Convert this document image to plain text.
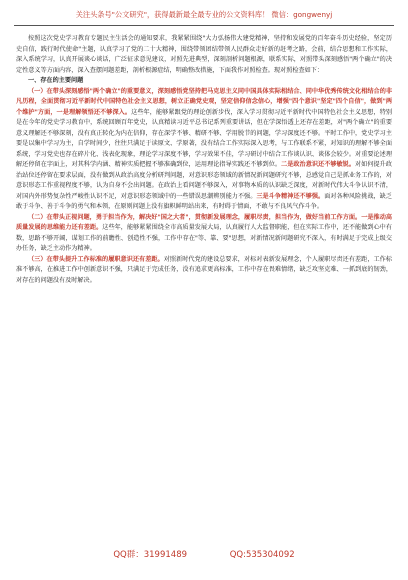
关注头条号"公文研究"，获得最新最全最专业的公文资料库！ 微信：gongwenyj

按照这次党史学习教育专题民主生活会的通知要求，我紧紧围绕"大力弘扬伟大建党精神，坚持和发展党的百年奋斗历史经验，坚定历史自信，践行时代使命"主题，认真学习了党的二十大精神，围绕带领团结带领人民群众走好新的赶考之路，会前，结合思想和工作实际，深入系统学习，认真开展谈心谈话，广泛征求意见建议，对照先进典型，深刻剖析问题根源，联系实际，对照带头深刻感悟"两个确立"的决定性意义等方面内容，深入查摆问题差距，剖析根源症结，明确整改措施，下面我作对照检查。现对照检查如下：

一、存在的主要问题

（一）在带头深刻感悟"两个确立"的重要意义，深刻感悟党坚持把马克思主义同中国具体实际相结合、同中华优秀传统文化相结合的非凡历程，全面贯彻习近平新时代中国特色社会主义思想，树立正确党史观，坚定信仰信念信心，增强"四个意识"坚定"四个自信"，做到"两个维护"方面，一是理解领悟还不够深入。这些年，能够紧跟党的理论创新步伐，深入学习贯彻习近平新时代中国特色社会主义思想，特别是在今年的党史学习教育中，系统回顾百年党史，认真精读习近平总书记系列重要讲话，但在学深悟透上还存在差距，对"两个确立"的重要意义理解还不够深刻，没有真正转化为内在信仰，存在深学不够、精研不够、学用脱节的问题，学习深度还不够。平时工作中，党史学习主要是以集中学习为主，自学时间少，往往只满足于读原文、学原著，没有结合工作实际深入思考，与工作联系不紧，对知识的理解不够全面系统，学习党史也存在碎片化、浅表化现象，理论学习深度不够，学习效果不佳，学习研讨中结合工作谈认识、谈体会较少。对重要论述理解还停留在字面上，对其科学内涵、精神实质把握不够准确到位，运用理论指导实践还不够到位。二是政治意识还不够敏锐。对如何提升政治站位还停留在要求层面，没有做到从政治高度分析研判问题，对意识形态领域的新情况新问题研究不够，总感觉自己是抓业务工作的，对意识形态工作重视程度不够，认为自身不会出问题。在政治上看问题不够深入，对事物本质的认识缺乏深度，对新时代伟大斗争认识不清，对国内外形势复杂性严峻性认识不足，对意识形态领域中的一些错误思潮辨别能力不强。三是斗争精神还不够强。面对各种风险挑战，缺乏敢于斗争、善于斗争的勇气和本领，在原则问题上没有旗帜鲜明站出来，有时碍于情面，不敢与不良风气作斗争。

（二）在带头正视问题，勇于担当作为，解决好"国之大者"，贯彻新发展理念，履职尽责，担当作为，做好当前工作方面。一是推动高质量发展的思维能力还有差距。这些年，能够紧紧围绕全市高质量发展大局，认真履行人大监督职能，但在实际工作中，还不能做到心中有数，思路不够开阔，谋划工作的前瞻性、创造性不强，工作中存在"等、靠、要"思想，对新情况新问题研究不深入，有时满足于完成上级交办任务，缺乏主动作为精神。

（三）在带头提升工作标准的履职意识还有差距。对照新时代党的建设总要求，对标对表新发展理念，个人履职尽责还有差距，工作标准不够高，在推进工作中创新意识不强，只满足于完成任务，没有追求更高标准，工作中存在畏难情绪，缺乏攻坚克难、一抓到底的韧劲，对存在的问题没有及时解决。

QQ群：31991489	QQ:535304092
